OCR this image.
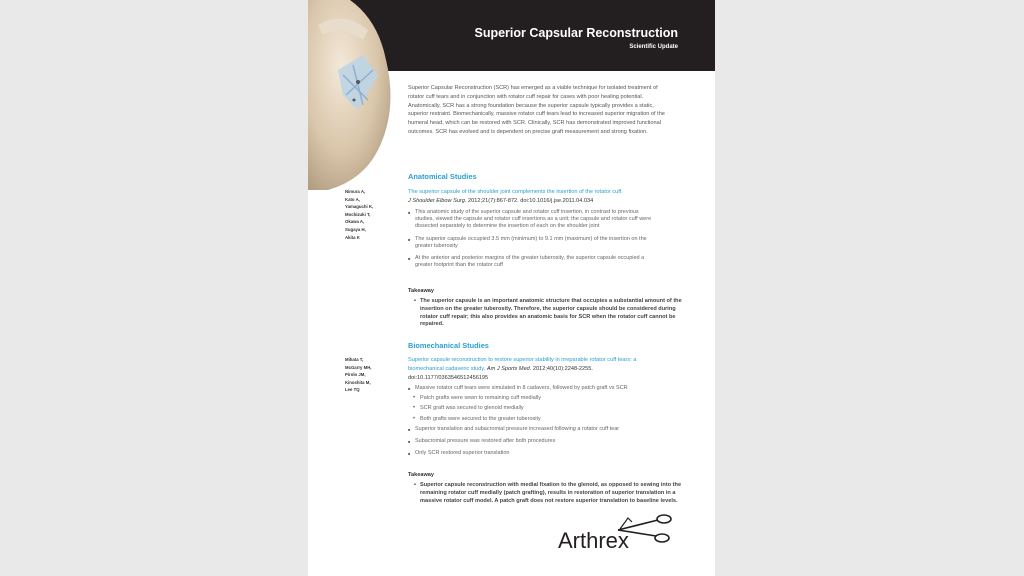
Superior Capsular Reconstruction
Scientific Update
Superior Capsular Reconstruction (SCR) has emerged as a viable technique for isolated treatment of rotator cuff tears and in conjunction with rotator cuff repair for cases with poor healing potential. Anatomically, SCR has a strong foundation because the superior capsule typically provides a static, superior restraint. Biomechanically, massive rotator cuff tears lead to increased superior migration of the humeral head, which can be restored with SCR. Clinically, SCR has demonstrated improved functional outcomes. SCR has evolved and is dependent on precise graft measurement and strong fixation.
Anatomical Studies
Nimura A,
Kato A,
Yamaguchi K,
Mochizuki T,
Okawa A,
Sugaya H,
Akita K
The superior capsule of the shoulder joint complements the insertion of the rotator cuff.
J Shoulder Elbow Surg. 2012;21(7):867-872. doi:10.1016/j.jse.2011.04.034
■ This anatomic study of the superior capsule and rotator cuff insertion, in contrast to previous studies, viewed the capsule and rotator cuff insertions as a unit; the capsule and rotator cuff were dissected separately to determine the insertion of each on the shoulder joint
■ The superior capsule occupied 3.5 mm (minimum) to 9.1 mm (maximum) of the insertion on the greater tuberosity
■ At the anterior and posterior margins of the greater tuberosity, the superior capsule occupied a greater footprint than the rotator cuff
Takeaway
• The superior capsule is an important anatomic structure that occupies a substantial amount of the insertion on the greater tuberosity. Therefore, the superior capsule should be considered during rotator cuff repair; this also provides an anatomic basis for SCR when the rotator cuff cannot be repaired.
Biomechanical Studies
Mihata T,
McGarry MH,
Pirolo JM,
Kinoshita M,
Lee TQ
Superior capsule reconstruction to restore superior stability in irreparable rotator cuff tears: a biomechanical cadaveric study. Am J Sports Med. 2012;40(10):2248-2255. doi:10.1177/0363546512456195
■ Massive rotator cuff tears were simulated in 8 cadavers, followed by patch graft vs SCR
• Patch grafts were sewn to remaining cuff medially
• SCR graft was secured to glenoid medially
• Both grafts were secured to the greater tuberosity
■ Superior translation and subacromial pressure increased following a rotator cuff tear
■ Subacromial pressure was restored after both procedures
■ Only SCR restored superior translation
Takeaway
• Superior capsule reconstruction with medial fixation to the glenoid, as opposed to sewing into the remaining rotator cuff medially (patch grafting), results in restoration of superior translation in a massive rotator cuff model. A patch graft does not restore superior translation to baseline levels.
Arthrex
